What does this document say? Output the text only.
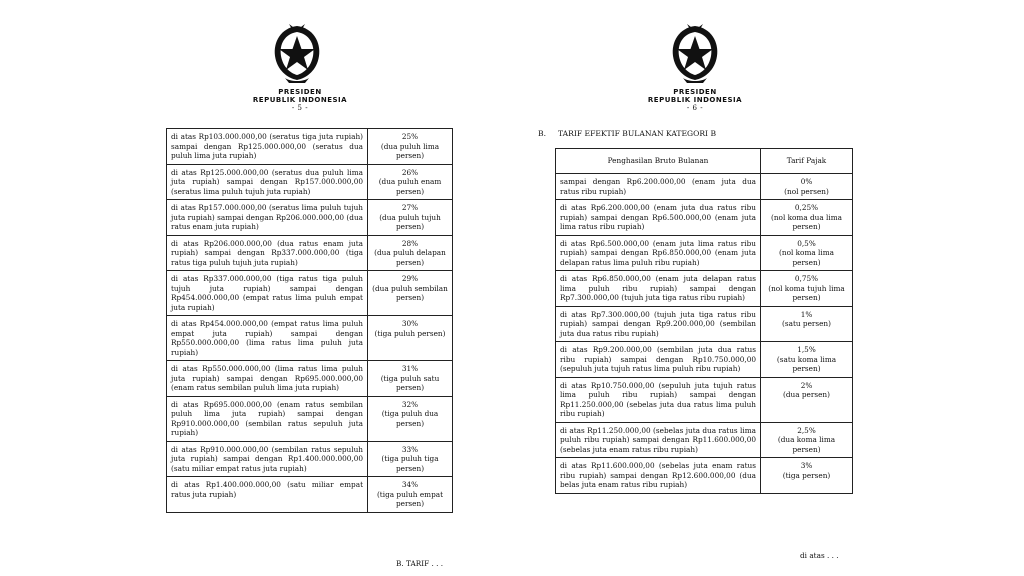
PRESIDEN
REPUBLIK INDONESIA
- 5 -
di atas Rp103.000.000,00 (seratus tiga juta rupiah) sampai dengan Rp125.000.000,00 (seratus dua puluh lima juta rupiah)	25%
(dua puluh lima persen)

di atas Rp125.000.000,00 (seratus dua puluh lima juta rupiah) sampai dengan Rp157.000.000,00 (seratus lima puluh tujuh juta rupiah)	26%
(dua puluh enam persen)

di atas Rp157.000.000,00 (seratus lima puluh tujuh juta rupiah) sampai dengan Rp206.000.000,00 (dua ratus enam juta rupiah)	27%
(dua puluh tujuh persen)

di atas Rp206.000.000,00 (dua ratus enam juta rupiah) sampai dengan Rp337.000.000,00 (tiga ratus tiga puluh tujuh juta rupiah)	28%
(dua puluh delapan persen)

di atas Rp337.000.000,00 (tiga ratus tiga puluh tujuh juta rupiah) sampai dengan Rp454.000.000,00 (empat ratus lima puluh empat juta rupiah)	29%
(dua puluh sembilan persen)

di atas Rp454.000.000,00 (empat ratus lima puluh empat juta rupiah) sampai dengan Rp550.000.000,00 (lima ratus lima puluh juta rupiah)	30%
(tiga puluh persen)

di atas Rp550.000.000,00 (lima ratus lima puluh juta rupiah) sampai dengan Rp695.000.000,00 (enam ratus sembilan puluh lima juta rupiah)	31%
(tiga puluh satu persen)

di atas Rp695.000.000,00 (enam ratus sembilan puluh lima juta rupiah) sampai dengan Rp910.000.000,00 (sembilan ratus sepuluh juta rupiah)	32%
(tiga puluh dua persen)

di atas Rp910.000.000,00 (sembilan ratus sepuluh juta rupiah) sampai dengan Rp1.400.000.000,00 (satu miliar empat ratus juta rupiah)	33%
(tiga puluh tiga persen)

di atas Rp1.400.000.000,00 (satu miliar empat ratus juta rupiah)	34%
(tiga puluh empat persen)
B. TARIF . . .
PRESIDEN
REPUBLIK INDONESIA
- 6 -
B. TARIF EFEKTIF BULANAN KATEGORI B
Penghasilan Bruto Bulanan	Tarif Pajak
sampai dengan Rp6.200.000,00 (enam juta dua ratus ribu rupiah)	0%
(nol persen)

di atas Rp6.200.000,00 (enam juta dua ratus ribu rupiah) sampai dengan Rp6.500.000,00 (enam juta lima ratus ribu rupiah)	0,25%
(nol koma dua lima persen)

di atas Rp6.500.000,00 (enam juta lima ratus ribu rupiah) sampai dengan Rp6.850.000,00 (enam juta delapan ratus lima puluh ribu rupiah)	0,5%
(nol koma lima persen)

di atas Rp6.850.000,00 (enam juta delapan ratus lima puluh ribu rupiah) sampai dengan Rp7.300.000,00 (tujuh juta tiga ratus ribu rupiah)	0,75%
(nol koma tujuh lima persen)

di atas Rp7.300.000,00 (tujuh juta tiga ratus ribu rupiah) sampai dengan Rp9.200.000,00 (sembilan juta dua ratus ribu rupiah)	1%
(satu persen)

di atas Rp9.200.000,00 (sembilan juta dua ratus ribu rupiah) sampai dengan Rp10.750.000,00 (sepuluh juta tujuh ratus lima puluh ribu rupiah)	1,5%
(satu koma lima persen)

di atas Rp10.750.000,00 (sepuluh juta tujuh ratus lima puluh ribu rupiah) sampai dengan Rp11.250.000,00 (sebelas juta dua ratus lima puluh ribu rupiah)	2%
(dua persen)

di atas Rp11.250.000,00 (sebelas juta dua ratus lima puluh ribu rupiah) sampai dengan Rp11.600.000,00 (sebelas juta enam ratus ribu rupiah)	2,5%
(dua koma lima persen)

di atas Rp11.600.000,00 (sebelas juta enam ratus ribu rupiah) sampai dengan Rp12.600.000,00 (dua belas juta enam ratus ribu rupiah)	3%
(tiga persen)
di atas . . .
